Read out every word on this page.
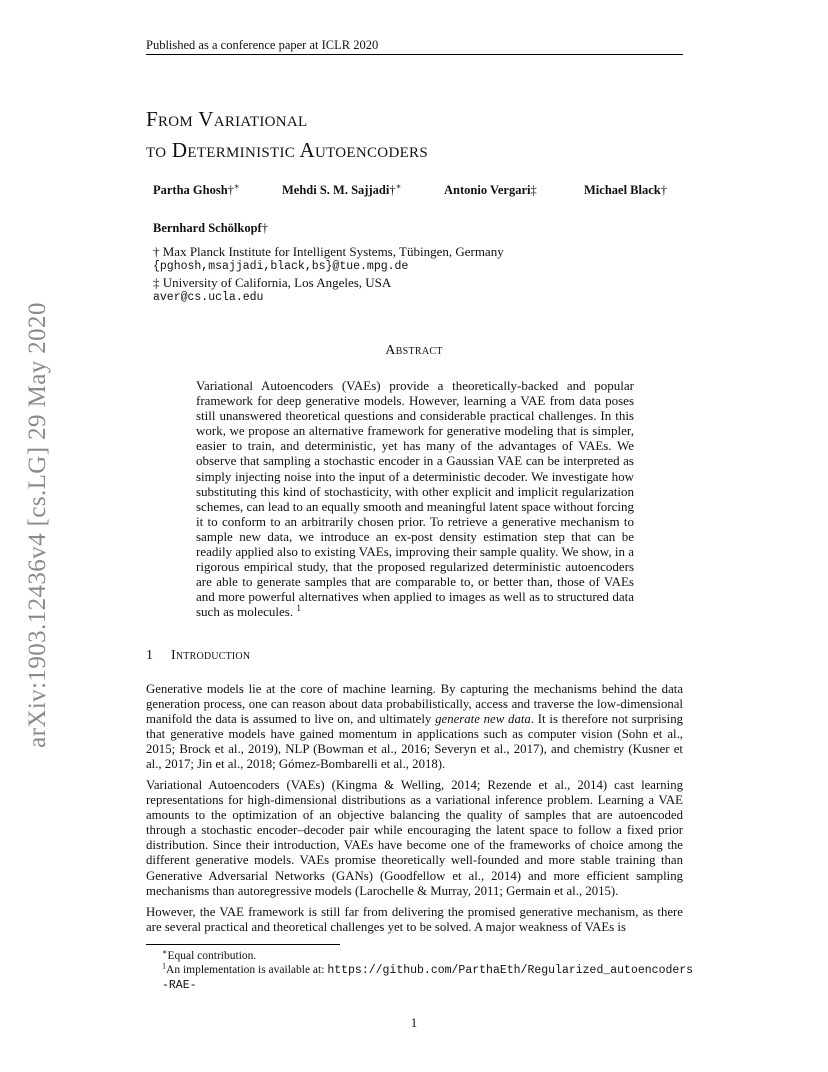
Published as a conference paper at ICLR 2020
arXiv:1903.12436v4 [cs.LG] 29 May 2020
From Variational
to Deterministic Autoencoders
Partha Ghosh†∗	Mehdi S. M. Sajjadi†∗	Antonio Vergari‡	Michael Black†
Bernhard Schölkopf†
† Max Planck Institute for Intelligent Systems, Tübingen, Germany
{pghosh,msajjadi,black,bs}@tue.mpg.de
‡ University of California, Los Angeles, USA
aver@cs.ucla.edu
Abstract
Variational Autoencoders (VAEs) provide a theoretically-backed and popular framework for deep generative models. However, learning a VAE from data poses still unanswered theoretical questions and considerable practical challenges. In this work, we propose an alternative framework for generative modeling that is simpler, easier to train, and deterministic, yet has many of the advantages of VAEs. We observe that sampling a stochastic encoder in a Gaussian VAE can be interpreted as simply injecting noise into the input of a deterministic decoder. We investigate how substituting this kind of stochasticity, with other explicit and implicit regularization schemes, can lead to an equally smooth and meaningful latent space without forcing it to conform to an arbitrarily chosen prior. To retrieve a generative mechanism to sample new data, we introduce an ex-post density estimation step that can be readily applied also to existing VAEs, improving their sample quality. We show, in a rigorous empirical study, that the proposed regularized deterministic autoencoders are able to generate samples that are comparable to, or better than, those of VAEs and more powerful alternatives when applied to images as well as to structured data such as molecules. $^1$
1 Introduction
Generative models lie at the core of machine learning. By capturing the mechanisms behind the data generation process, one can reason about data probabilistically, access and traverse the low-dimensional manifold the data is assumed to live on, and ultimately generate new data. It is therefore not surprising that generative models have gained momentum in applications such as computer vision (Sohn et al., 2015; Brock et al., 2019), NLP (Bowman et al., 2016; Severyn et al., 2017), and chemistry (Kusner et al., 2017; Jin et al., 2018; Gómez-Bombarelli et al., 2018).
Variational Autoencoders (VAEs) (Kingma & Welling, 2014; Rezende et al., 2014) cast learning representations for high-dimensional distributions as a variational inference problem. Learning a VAE amounts to the optimization of an objective balancing the quality of samples that are autoencoded through a stochastic encoder–decoder pair while encouraging the latent space to follow a fixed prior distribution. Since their introduction, VAEs have become one of the frameworks of choice among the different generative models. VAEs promise theoretically well-founded and more stable training than Generative Adversarial Networks (GANs) (Goodfellow et al., 2014) and more efficient sampling mechanisms than autoregressive models (Larochelle & Murray, 2011; Germain et al., 2015).
However, the VAE framework is still far from delivering the promised generative mechanism, as there are several practical and theoretical challenges yet to be solved. A major weakness of VAEs is
∗Equal contribution.
$^1$An implementation is available at: https://github.com/ParthaEth/Regularized_autoencoders-RAE-
1
